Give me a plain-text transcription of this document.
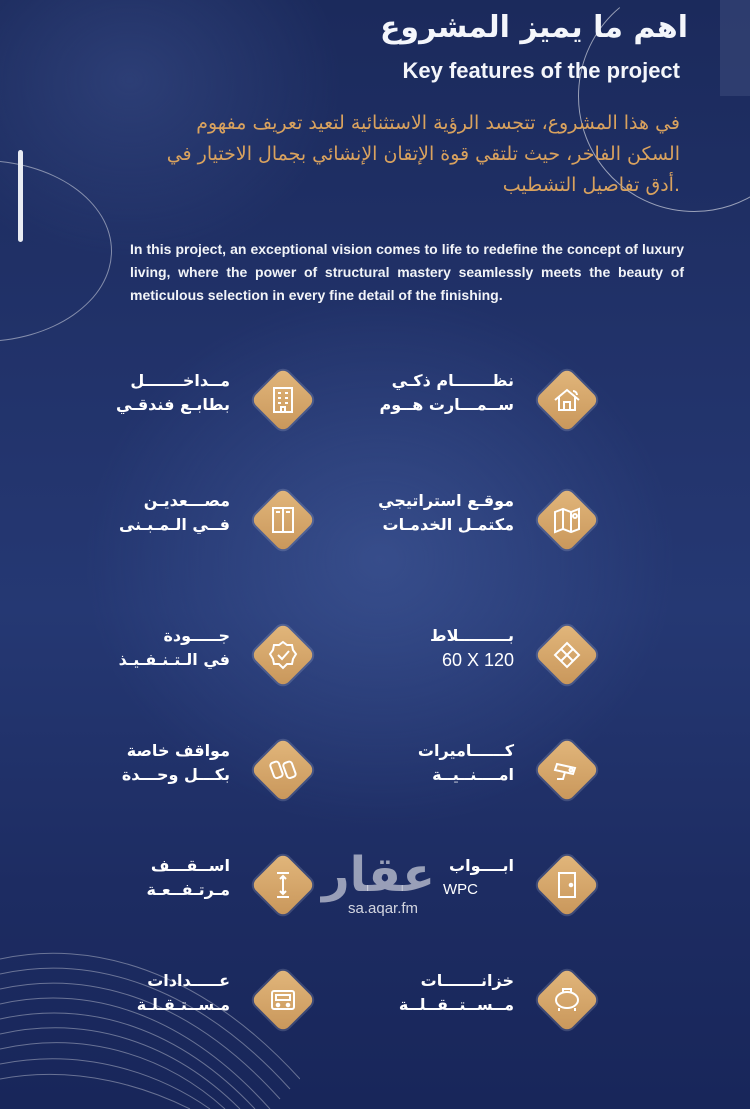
اهم ما يميز المشروع
Key features of the project
في هذا المشروع، تتجسد الرؤية الاستثنائية لتعيد تعريف مفهوم
السكن الفاخر، حيث تلتقي قوة الإتقان الإنشائي بجمال الاختيار في
.أدق تفاصيل التشطيب
In this project, an exceptional vision comes to life to redefine the concept of luxury living, where the power of structural mastery seamlessly meets the beauty of meticulous selection in every fine detail of the finishing.
نظـــــــام ذكـي
ســمـــارت هــوم
مــداخـــــــل
بطابـع فندقـي
موقـع استراتيجي
مكتمـل الخدمـات
مصـــعديـن
فــي الـمـبـنى
بـــــــــلاط
60 X 120
جـــــودة
في الـتـنـفـيـذ
كــــــاميرات
امــــنــيــة
مواقف خاصة
بكـــل وحـــدة
ابــــواب
WPC
اســقـــف
مـرتـفــعـة
خزانـــــــات
مــســتــقــلــة
عـــــدادات
مـســتـقـلـة
عقار
sa.aqar.fm
